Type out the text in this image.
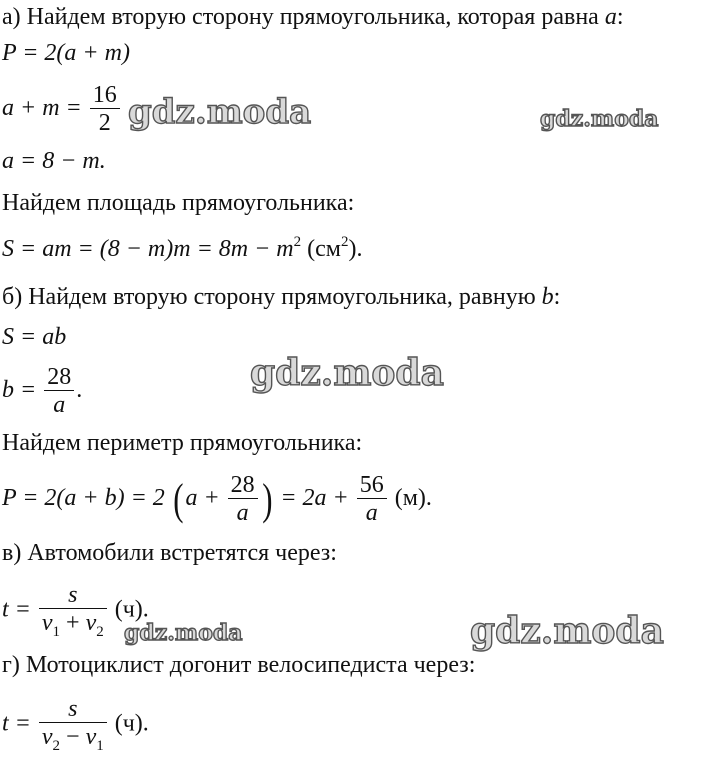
а) Найдем вторую сторону прямоугольника, которая равна a:
P = 2(a + m)
$a + m = \frac{16}{2}$
a = 8 − m.
Найдем площадь прямоугольника:
S = am = $(8 - m)m = 8m - m^2$ $(см^2)$.
б) Найдем вторую сторону прямоугольника, равную b:
S = ab
$b = \frac{28}{a}$ .
Найдем периметр прямоугольника:
P = 2(a + b) = 2 ($a + \frac{28}{a}$ ) = $2a + \frac{56}{a} (м)$.
в) Автомобили встретятся через:
$t = \frac{s}{v_1 + v_2} (ч)$.
г) Мотоциклист догонит велосипедиста через:
$t = \frac{s}{v_2 - v_1} (ч)$.
gdz.moda	gdz.moda
gdz.moda
gdz.moda	gdz.moda
